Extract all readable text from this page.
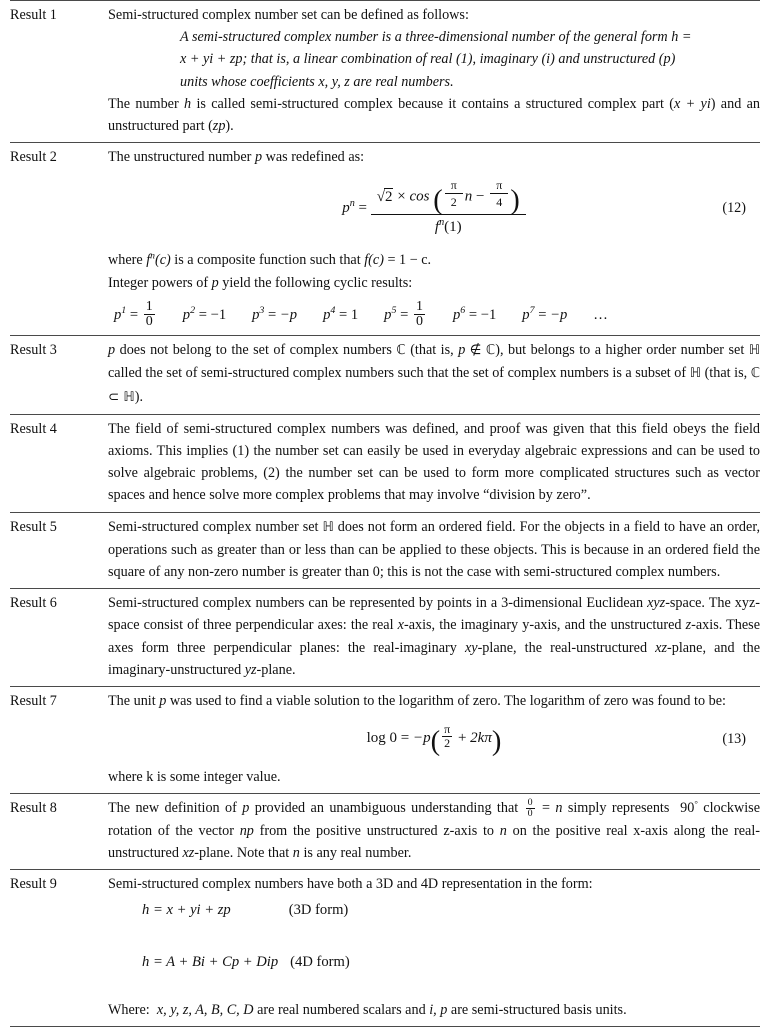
Result 1	Semi-structured complex number set can be defined as follows:
A semi-structured complex number is a three-dimensional number of the general form h =
x + yi + zp; that is, a linear combination of real (1), imaginary (i) and unstructured (p)
units whose coefficients x, y, z are real numbers.
The number h is called semi-structured complex because it contains a structured complex part (x + yi) and an unstructured part (zp).

Result 2	The unstructured number p was redefined as:
$p^n$ =
√2 × cos ( $\frac{\pi}{2}$ $n - \frac{\pi}{4}$ )
$f^n(1)$
(12)
where $f^n(c)$ is a composite function such that f(c) = 1 − c.
Integer powers of p yield the following cyclic results:
$p^1 = \frac{1}{0} p^2 = -1$ $p^3 = -p$ $p^4 = 1$ $p^5 = \frac{1}{0} p^6 = -1$ $p^7 = -p$ …

Result 3	p does not belong to the set of complex numbers ℂ (that is, p ∉ ℂ), but belongs to a higher order number set ℍ called the set of semi-structured complex numbers such that the set of complex numbers is a subset of ℍ (that is, ℂ ⊂ ℍ).
Result 4	The field of semi-structured complex numbers was defined, and proof was given that this field obeys the field axioms. This implies (1) the number set can easily be used in everyday algebraic expressions and can be used to solve algebraic problems, (2) the number set can be used to form more complicated structures such as vector spaces and hence solve more complex problems that may involve “division by zero”.
Result 5	Semi-structured complex number set ℍ does not form an ordered field. For the objects in a field to have an order, operations such as greater than or less than can be applied to these objects. This is because in an ordered field the square of any non-zero number is greater than 0; this is not the case with semi-structured complex numbers.
Result 6	Semi-structured complex numbers can be represented by points in a 3-dimensional Euclidean xyz-space. The xyz-space consist of three perpendicular axes: the real x-axis, the imaginary y-axis, and the unstructured z-axis. These axes form three perpendicular planes: the real-imaginary xy-plane, the real-unstructured xz-plane, and the imaginary-unstructured yz-plane.
Result 7	The unit p was used to find a viable solution to the logarithm of zero. The logarithm of zero was found to be:
$\log 0 = -p( \frac{\pi}{2} + 2k\pi)$	(13)
where k is some integer value.

Result 8	The new definition of p provided an unambiguous understanding that $\frac{0}{0} = n$ simply represents 90° clockwise rotation of the vector np from the positive unstructured z-axis to n on the positive real x-axis along the real-unstructured xz-plane. Note that n is any real number.
Result 9	Semi-structured complex numbers have both a 3D and 4D representation in the form:
h = x + yi + zp (3D form)
h = A + Bi + Cp + Dip (4D form)
Where: x, y, z, A, B, C, D are real numbered scalars and i, p are semi-structured basis units.
